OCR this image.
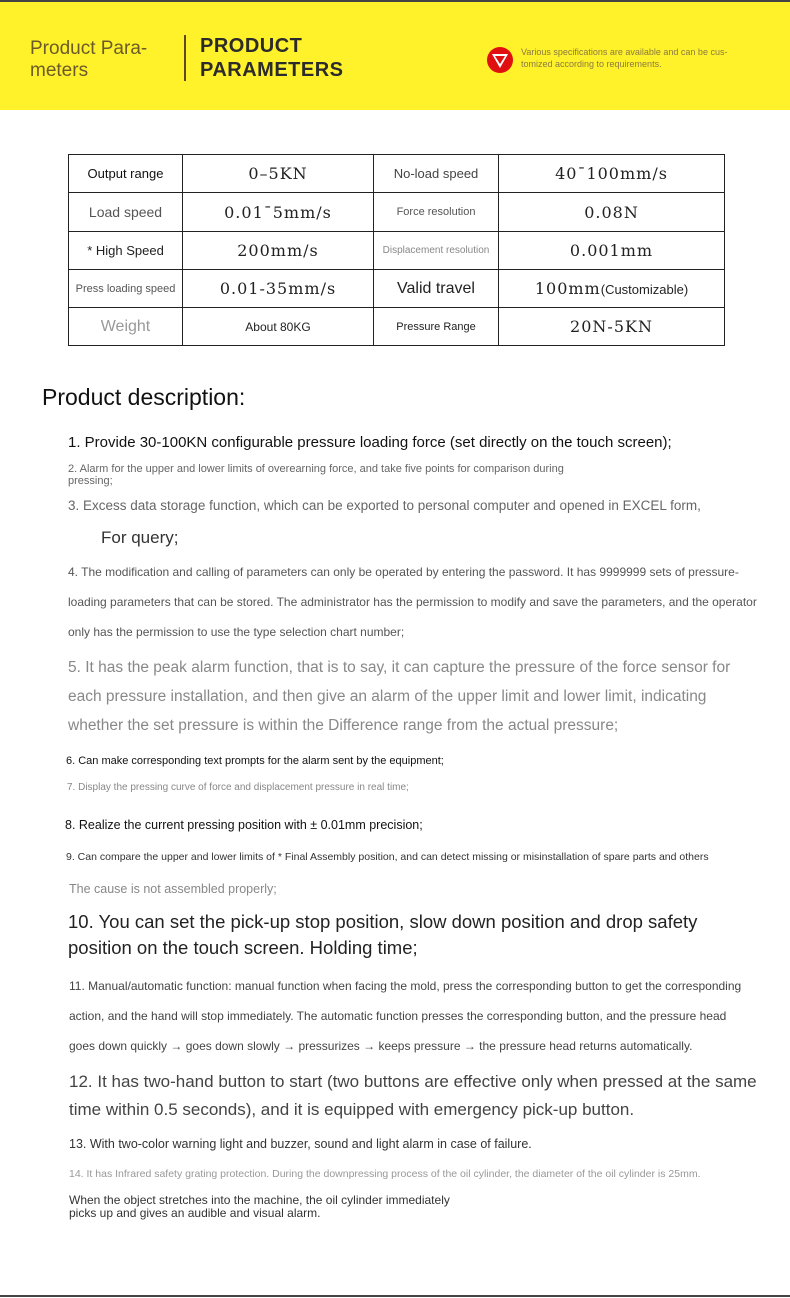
Product Para-
meters
PRODUCT
PARAMETERS
Various specifications are available and can be cus-
tomized according to requirements.
Output range	0–5KN	No-load speed	40¯100mm/s
Load speed	0.01¯5mm/s	Force resolution	0.08N
* High Speed	200mm/s	Displacement resolution	0.001mm
Press loading speed	0.01-35mm/s	Valid travel	100mm(Customizable)
Weight	About 80KG	Pressure Range	20N-5KN
Product description:
1. Provide 30-100KN configurable pressure loading force (set directly on the touch screen);
2. Alarm for the upper and lower limits of overearning force, and take five points for comparison during pressing;
3. Excess data storage function, which can be exported to personal computer and opened in EXCEL form,
For query;
4. The modification and calling of parameters can only be operated by entering the password. It has 9999999 sets of pressure-loading parameters that can be stored. The administrator has the permission to modify and save the parameters, and the operator only has the permission to use the type selection chart number;
5. It has the peak alarm function, that is to say, it can capture the pressure of the force sensor for each pressure installation, and then give an alarm of the upper limit and lower limit, indicating whether the set pressure is within the Difference range from the actual pressure;
6. Can make corresponding text prompts for the alarm sent by the equipment;
7. Display the pressing curve of force and displacement pressure in real time;
8. Realize the current pressing position with ± 0.01mm precision;
9. Can compare the upper and lower limits of * Final Assembly position, and can detect missing or misinstallation of spare parts and others
The cause is not assembled properly;
10. You can set the pick-up stop position, slow down position and drop safety position on the touch screen. Holding time;
11. Manual/automatic function: manual function when facing the mold, press the corresponding button to get the corresponding action, and the hand will stop immediately. The automatic function presses the corresponding button, and the pressure head goes down quickly → goes down slowly → pressurizes → keeps pressure → the pressure head returns automatically.
12. It has two-hand button to start (two buttons are effective only when pressed at the same time within 0.5 seconds), and it is equipped with emergency pick-up button.
13. With two-color warning light and buzzer, sound and light alarm in case of failure.
14. It has Infrared safety grating protection. During the downpressing process of the oil cylinder, the diameter of the oil cylinder is 25mm.
When the object stretches into the machine, the oil cylinder immediately picks up and gives an audible and visual alarm.
